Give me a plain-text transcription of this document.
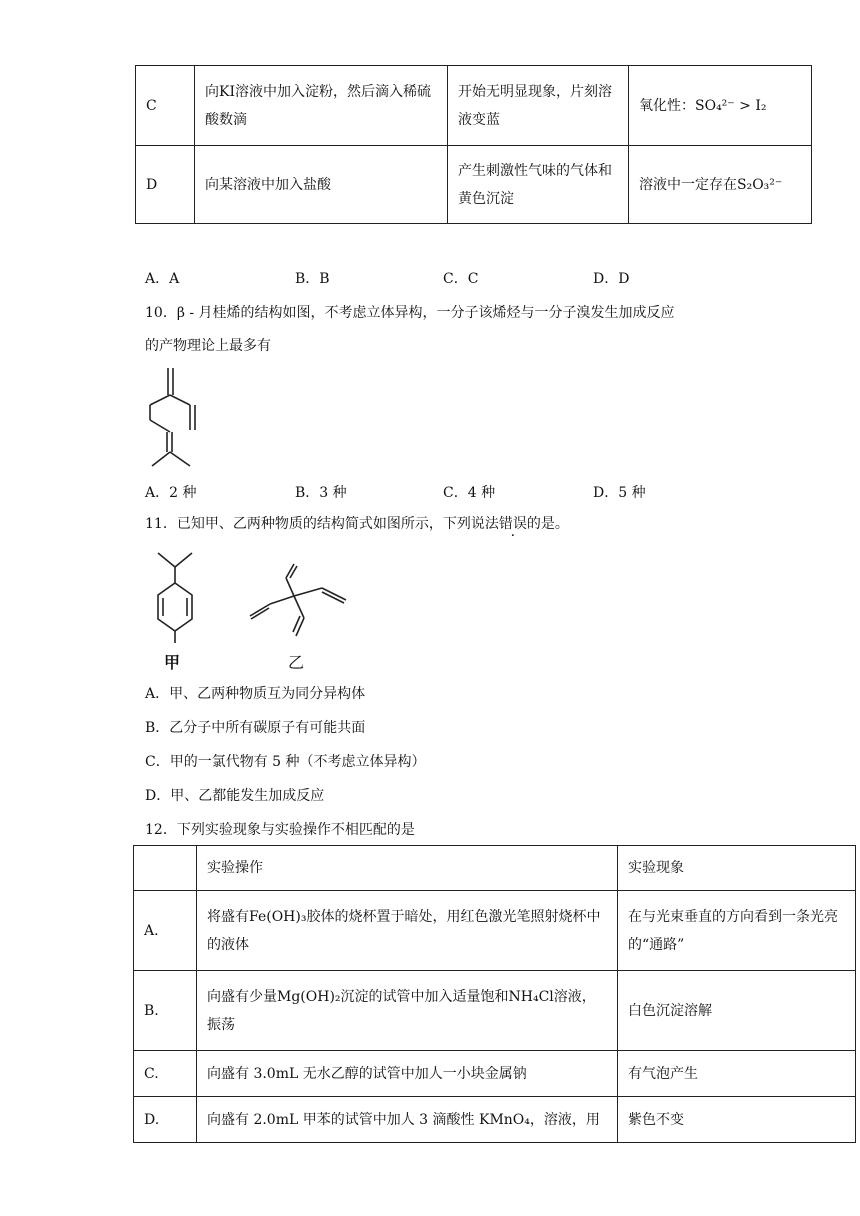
C	向KI溶液中加入淀粉，然后滴入稀硫酸数滴	开始无明显现象，片刻溶液变蓝	氧化性：SO₄²⁻ > I₂
D	向某溶液中加入盐酸	产生刺激性气味的气体和黄色沉淀	溶液中一定存在S₂O₃²⁻
A．A	B．B	C．C	D．D
10．β - 月桂烯的结构如图，不考虑立体异构，一分子该烯烃与一分子溴发生加成反应
的产物理论上最多有
A．2 种	B．3 种	C．4 种	D．5 种
11．已知甲、乙两种物质的结构简式如图所示，下列说法错误的是。
甲	乙
A．甲、乙两种物质互为同分异构体
B．乙分子中所有碳原子有可能共面
C．甲的一氯代物有 5 种（不考虑立体异构）
D．甲、乙都能发生加成反应
12．下列实验现象与实验操作不相匹配的是
	实验操作	实验现象
A.	将盛有Fe(OH)₃胶体的烧杯置于暗处，用红色激光笔照射烧杯中的液体	在与光束垂直的方向看到一条光亮的“通路”
B.	向盛有少量Mg(OH)₂沉淀的试管中加入适量饱和NH₄Cl溶液，振荡	白色沉淀溶解
C.	向盛有 3.0mL 无水乙醇的试管中加人一小块金属钠	有气泡产生
D.	向盛有 2.0mL 甲苯的试管中加人 3 滴酸性 KMnO₄，溶液，用	紫色不变
